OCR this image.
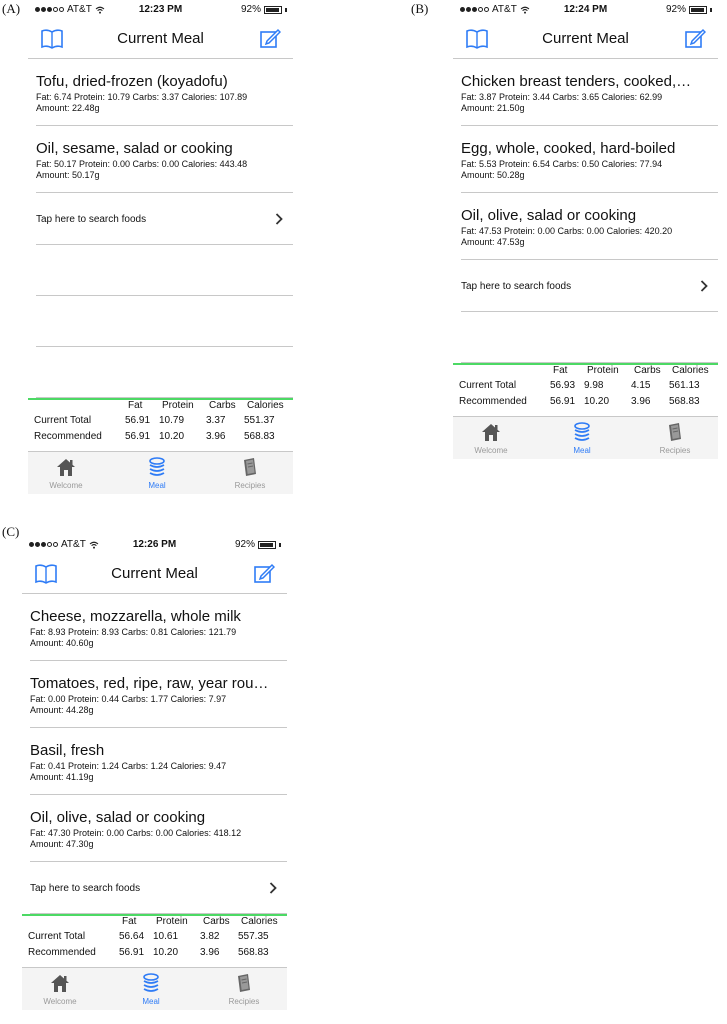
(A)	AT&T	12:23 PM	92%
Current Meal
Tofu, dried-frozen (koyadofu)
Fat: 6.74 Protein: 10.79 Carbs: 3.37 Calories: 107.89
Amount: 22.48g
Oil, sesame, salad or cooking
Fat: 50.17 Protein: 0.00 Carbs: 0.00 Calories: 443.48
Amount: 50.17g
Tap here to search foods
Fat Protein Carbs Calories
Current Total	56.91 10.79 3.37 551.37
Recommended 56.91 10.20 3.96 568.83
Welcome	Meal	Recipies
(B)	AT&T	12:24 PM	92%
Current Meal
Chicken breast tenders, cooked,…
Fat: 3.87 Protein: 3.44 Carbs: 3.65 Calories: 62.99
Amount: 21.50g
Egg, whole, cooked, hard-boiled
Fat: 5.53 Protein: 6.54 Carbs: 0.50 Calories: 77.94
Amount: 50.28g
Oil, olive, salad or cooking
Fat: 47.53 Protein: 0.00 Carbs: 0.00 Calories: 420.20
Amount: 47.53g
Tap here to search foods
Fat Protein Carbs Calories
Current Total	56.93 9.98	4.15 561.13
Recommended 56.91 10.20 3.96 568.83
Welcome	Meal	Recipies
(C)
AT&T	12:26 PM	92%
Current Meal
Cheese, mozzarella, whole milk
Fat: 8.93 Protein: 8.93 Carbs: 0.81 Calories: 121.79
Amount: 40.60g
Tomatoes, red, ripe, raw, year rou…
Fat: 0.00 Protein: 0.44 Carbs: 1.77 Calories: 7.97
Amount: 44.28g
Basil, fresh
Fat: 0.41 Protein: 1.24 Carbs: 1.24 Calories: 9.47
Amount: 41.19g
Oil, olive, salad or cooking
Fat: 47.30 Protein: 0.00 Carbs: 0.00 Calories: 418.12
Amount: 47.30g
Tap here to search foods
Fat Protein Carbs Calories
Current Total	56.64 10.61 3.82 557.35
Recommended 56.91 10.20 3.96 568.83
Welcome	Meal	Recipies
